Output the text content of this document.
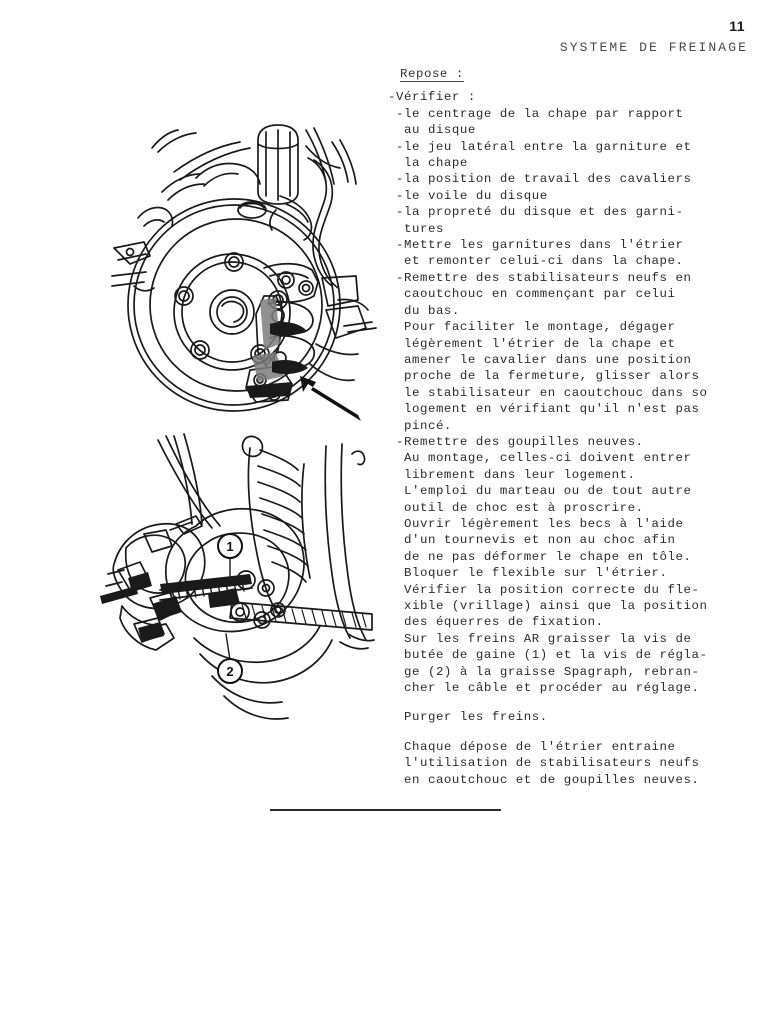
11
SYSTEME DE FREINAGE
1
2
Repose :
-Vérifier :
-le centrage de la chape par rapport
au disque
-le jeu latéral entre la garniture et
la chape
-la position de travail des cavaliers
-le voile du disque
-la propreté du disque et des garni-
tures
-Mettre les garnitures dans l'étrier
et remonter celui-ci dans la chape.
-Remettre des stabilisateurs neufs en
caoutchouc en commençant par celui
du bas.
Pour faciliter le montage, dégager
légèrement l'étrier de la chape et
amener le cavalier dans une position
proche de la fermeture, glisser alors
le stabilisateur en caoutchouc dans so
logement en vérifiant qu'il n'est pas
pincé.
-Remettre des goupilles neuves.
Au montage, celles-ci doivent entrer
librement dans leur logement.
L'emploi du marteau ou de tout autre
outil de choc est à proscrire.
Ouvrir légèrement les becs à l'aide
d'un tournevis et non au choc afin
de ne pas déformer le chape en tôle.
Bloquer le flexible sur l'étrier.
Vérifier la position correcte du fle-
xible (vrillage) ainsi que la position
des équerres de fixation.
Sur les freins AR graisser la vis de
butée de gaine (1) et la vis de régla-
ge (2) à la graisse Spagraph, rebran-
cher le câble et procéder au réglage.
Purger les freins.
Chaque dépose de l'étrier entraine
l'utilisation de stabilisateurs neufs
en caoutchouc et de goupilles neuves.
